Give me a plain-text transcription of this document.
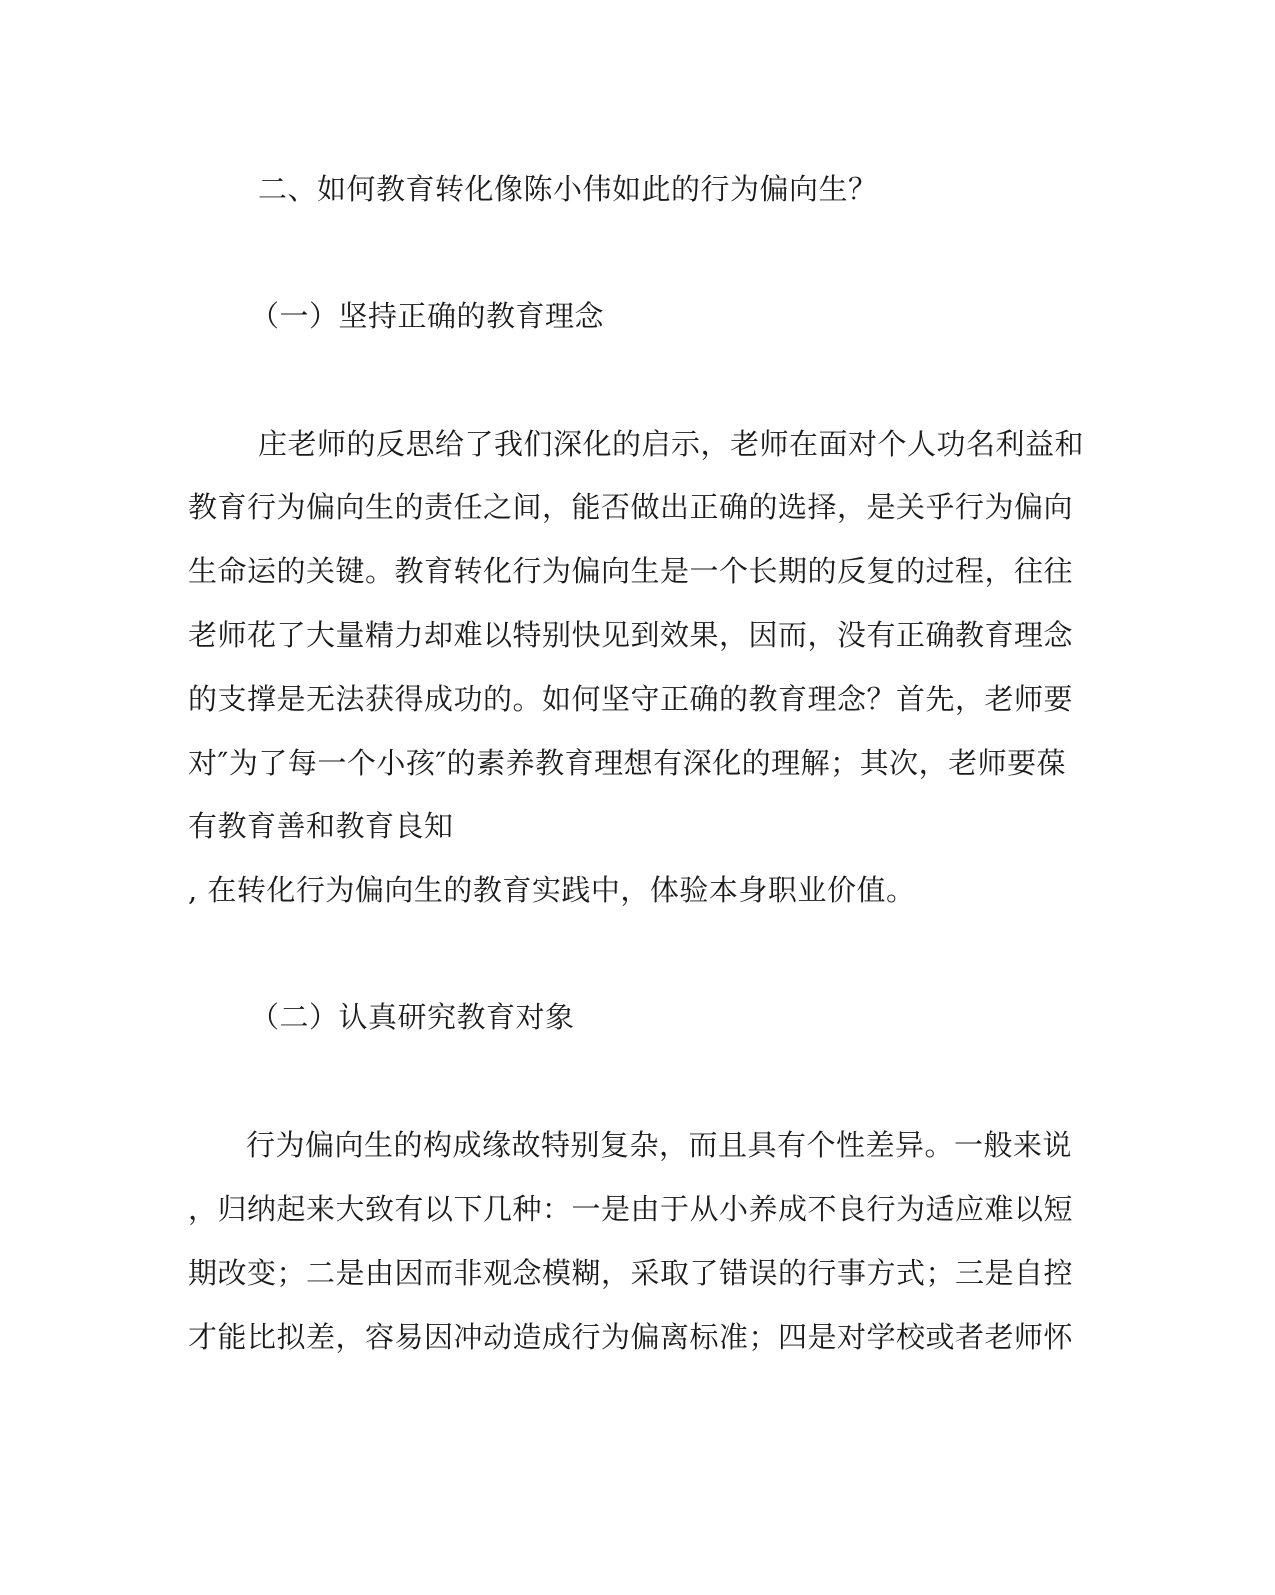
二、如何教育转化像陈小伟如此的行为偏向生？
（一）坚持正确的教育理念
庄老师的反思给了我们深化的启示，老师在面对个人功名利益和
教育行为偏向生的责任之间，能否做出正确的选择，是关乎行为偏向
生命运的关键。教育转化行为偏向生是一个长期的反复的过程，往往
老师花了大量精力却难以特别快见到效果，因而，没有正确教育理念
的支撑是无法获得成功的。如何坚守正确的教育理念？首先，老师要
对″为了每一个小孩″的素养教育理想有深化的理解；其次，老师要葆
有教育善和教育良知
, 在转化行为偏向生的教育实践中，体验本身职业价值。
（二）认真研究教育对象
行为偏向生的构成缘故特别复杂，而且具有个性差异。一般来说
，归纳起来大致有以下几种：一是由于从小养成不良行为适应难以短
期改变；二是由因而非观念模糊，采取了错误的行事方式；三是自控
才能比拟差，容易因冲动造成行为偏离标准；四是对学校或者老师怀
